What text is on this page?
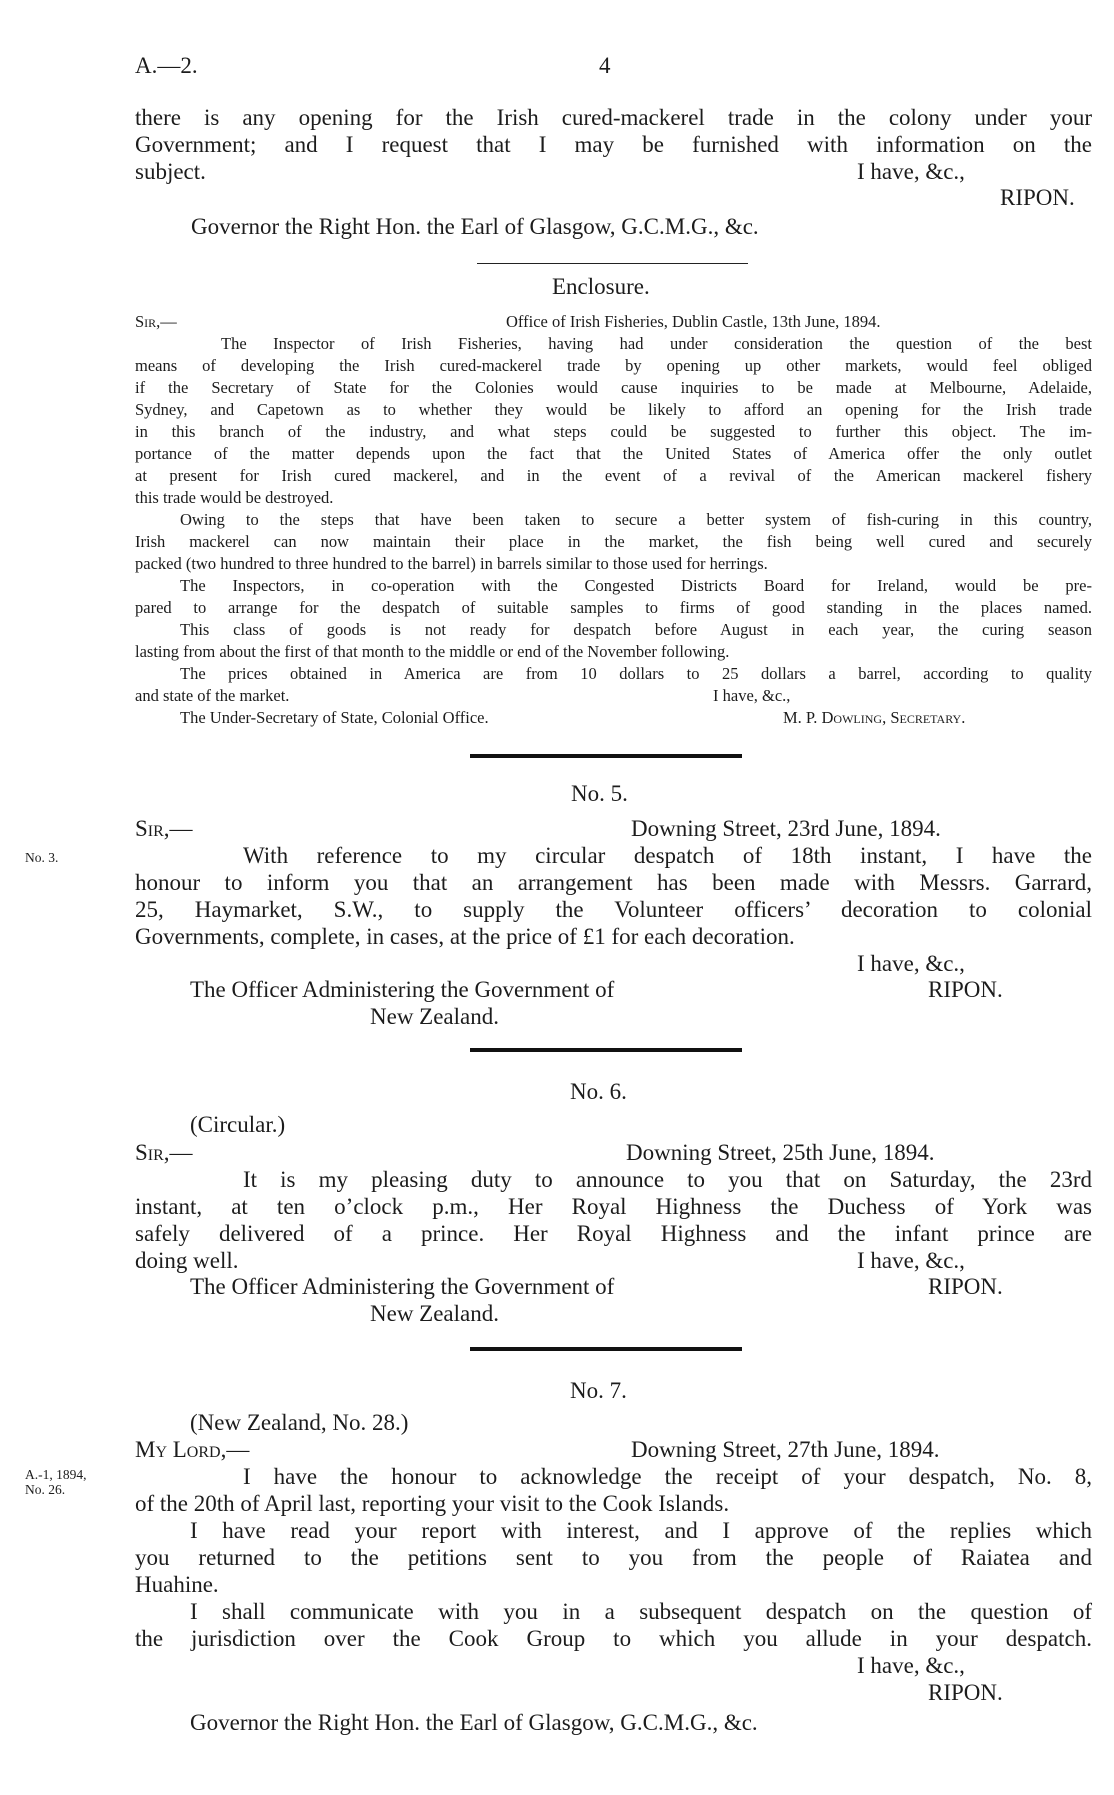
A.—2.	4
there is any opening for the Irish cured-mackerel trade in the colony under your
Government; and I request that I may be furnished with information on the
subject.	I have, &c.,
RIPON.
Governor the Right Hon. the Earl of Glasgow, G.C.M.G., &c.
Enclosure.
Sir,—	Office of Irish Fisheries, Dublin Castle, 13th June, 1894.
The Inspector of Irish Fisheries, having had under consideration the question of the best
means of developing the Irish cured-mackerel trade by opening up other markets, would feel obliged
if the Secretary of State for the Colonies would cause inquiries to be made at Melbourne, Adelaide,
Sydney, and Capetown as to whether they would be likely to afford an opening for the Irish trade
in this branch of the industry, and what steps could be suggested to further this object. The im-
portance of the matter depends upon the fact that the United States of America offer the only outlet
at present for Irish cured mackerel, and in the event of a revival of the American mackerel fishery
this trade would be destroyed.
Owing to the steps that have been taken to secure a better system of fish-curing in this country,
Irish mackerel can now maintain their place in the market, the fish being well cured and securely
packed (two hundred to three hundred to the barrel) in barrels similar to those used for herrings.
The Inspectors, in co-operation with the Congested Districts Board for Ireland, would be pre-
pared to arrange for the despatch of suitable samples to firms of good standing in the places named.
This class of goods is not ready for despatch before August in each year, the curing season
lasting from about the first of that month to the middle or end of the November following.
The prices obtained in America are from 10 dollars to 25 dollars a barrel, according to quality
and state of the market.	I have, &c.,
The Under-Secretary of State, Colonial Office.	M. P. Dowling, Secretary.
No. 5.
Sir,—	Downing Street, 23rd June, 1894.
No. 3.	With reference to my circular despatch of 18th instant, I have the
honour to inform you that an arrangement has been made with Messrs. Garrard,
25, Haymarket, S.W., to supply the Volunteer officers’ decoration to colonial
Governments, complete, in cases, at the price of £1 for each decoration.
I have, &c.,
The Officer Administering the Government of	RIPON.
New Zealand.
No. 6.
(Circular.)
Sir,—	Downing Street, 25th June, 1894.
It is my pleasing duty to announce to you that on Saturday, the 23rd
instant, at ten o’clock p.m., Her Royal Highness the Duchess of York was
safely delivered of a prince. Her Royal Highness and the infant prince are
doing well.	I have, &c.,
The Officer Administering the Government of	RIPON.
New Zealand.
No. 7.
(New Zealand, No. 28.)
My Lord,—	Downing Street, 27th June, 1894.
A.-1, 1894,
No. 26.
I have the honour to acknowledge the receipt of your despatch, No. 8,
of the 20th of April last, reporting your visit to the Cook Islands.
I have read your report with interest, and I approve of the replies which
you returned to the petitions sent to you from the people of Raiatea and
Huahine.
I shall communicate with you in a subsequent despatch on the question of
the jurisdiction over the Cook Group to which you allude in your despatch.
I have, &c.,
RIPON.
Governor the Right Hon. the Earl of Glasgow, G.C.M.G., &c.
